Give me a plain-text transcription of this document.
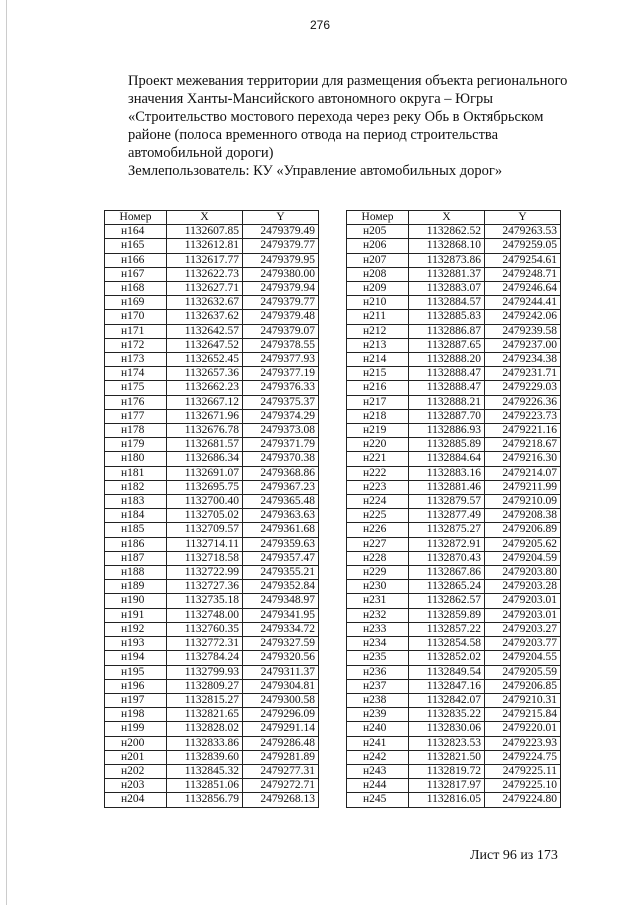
276
Проект межевания территории для размещения объекта регионального
значения Ханты-Мансийского автономного округа – Югры
«Строительство мостового перехода через реку Обь в Октябрьском
районе (полоса временного отвода на период строительства
автомобильной дороги)
Землепользователь: КУ «Управление автомобильных дорог»
Номер	X	Y
н164	1132607.85	2479379.49
н165	1132612.81	2479379.77
н166	1132617.77	2479379.95
н167	1132622.73	2479380.00
н168	1132627.71	2479379.94
н169	1132632.67	2479379.77
н170	1132637.62	2479379.48
н171	1132642.57	2479379.07
н172	1132647.52	2479378.55
н173	1132652.45	2479377.93
н174	1132657.36	2479377.19
н175	1132662.23	2479376.33
н176	1132667.12	2479375.37
н177	1132671.96	2479374.29
н178	1132676.78	2479373.08
н179	1132681.57	2479371.79
н180	1132686.34	2479370.38
н181	1132691.07	2479368.86
н182	1132695.75	2479367.23
н183	1132700.40	2479365.48
н184	1132705.02	2479363.63
н185	1132709.57	2479361.68
н186	1132714.11	2479359.63
н187	1132718.58	2479357.47
н188	1132722.99	2479355.21
н189	1132727.36	2479352.84
н190	1132735.18	2479348.97
н191	1132748.00	2479341.95
н192	1132760.35	2479334.72
н193	1132772.31	2479327.59
н194	1132784.24	2479320.56
н195	1132799.93	2479311.37
н196	1132809.27	2479304.81
н197	1132815.27	2479300.58
н198	1132821.65	2479296.09
н199	1132828.02	2479291.14
н200	1132833.86	2479286.48
н201	1132839.60	2479281.89
н202	1132845.32	2479277.31
н203	1132851.06	2479272.71
н204	1132856.79	2479268.13
Номер	X	Y
н205	1132862.52	2479263.53
н206	1132868.10	2479259.05
н207	1132873.86	2479254.61
н208	1132881.37	2479248.71
н209	1132883.07	2479246.64
н210	1132884.57	2479244.41
н211	1132885.83	2479242.06
н212	1132886.87	2479239.58
н213	1132887.65	2479237.00
н214	1132888.20	2479234.38
н215	1132888.47	2479231.71
н216	1132888.47	2479229.03
н217	1132888.21	2479226.36
н218	1132887.70	2479223.73
н219	1132886.93	2479221.16
н220	1132885.89	2479218.67
н221	1132884.64	2479216.30
н222	1132883.16	2479214.07
н223	1132881.46	2479211.99
н224	1132879.57	2479210.09
н225	1132877.49	2479208.38
н226	1132875.27	2479206.89
н227	1132872.91	2479205.62
н228	1132870.43	2479204.59
н229	1132867.86	2479203.80
н230	1132865.24	2479203.28
н231	1132862.57	2479203.01
н232	1132859.89	2479203.01
н233	1132857.22	2479203.27
н234	1132854.58	2479203.77
н235	1132852.02	2479204.55
н236	1132849.54	2479205.59
н237	1132847.16	2479206.85
н238	1132842.07	2479210.31
н239	1132835.22	2479215.84
н240	1132830.06	2479220.01
н241	1132823.53	2479223.93
н242	1132821.50	2479224.75
н243	1132819.72	2479225.11
н244	1132817.97	2479225.10
н245	1132816.05	2479224.80
Лист 96 из 173
